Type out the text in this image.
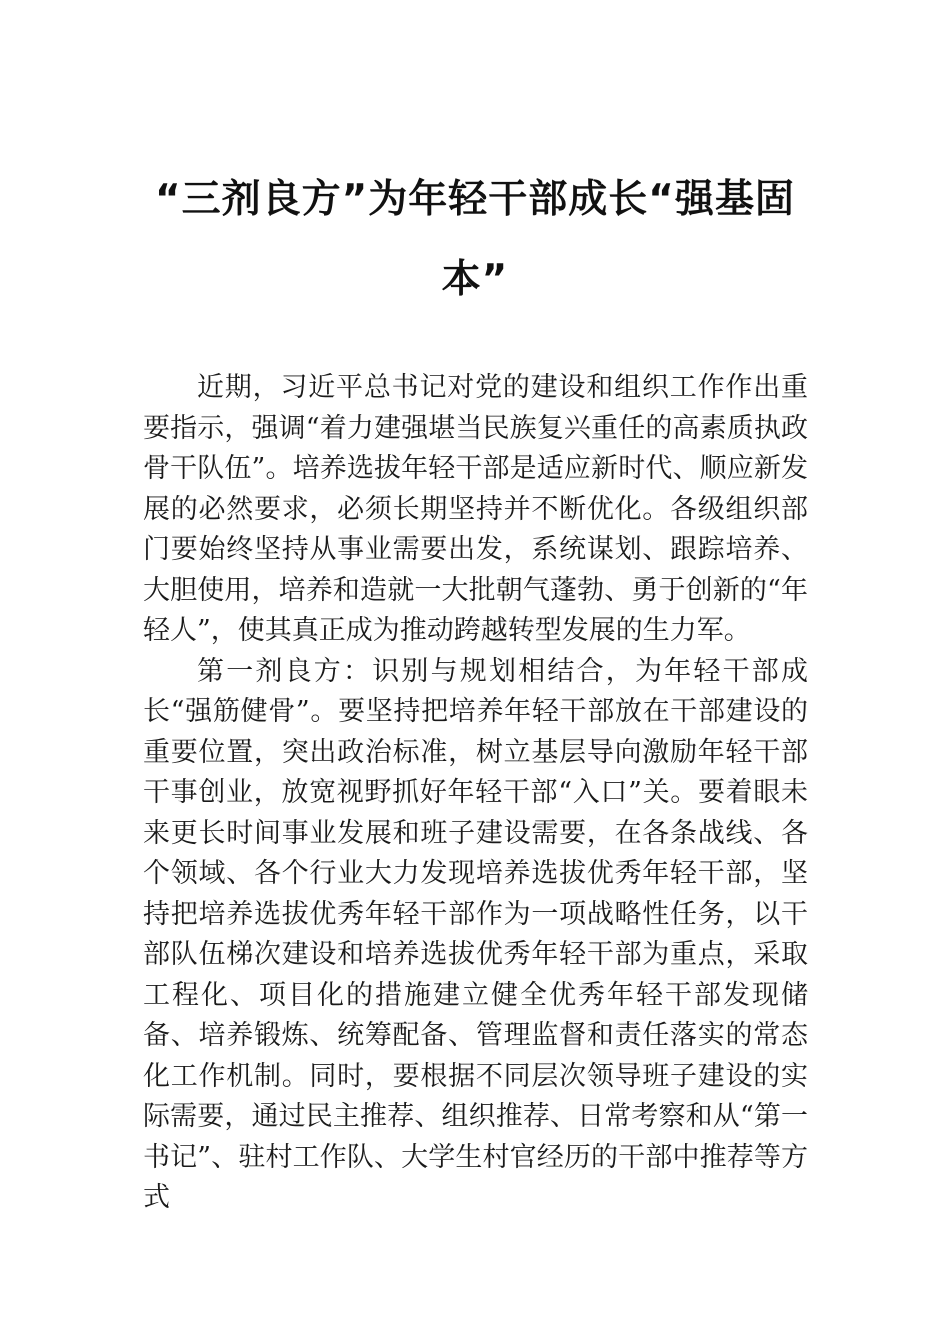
“三剂良方”为年轻干部成长“强基固本”

近期，习近平总书记对党的建设和组织工作作出重要指示，强调“着力建强堪当民族复兴重任的高素质执政骨干队伍”。培养选拔年轻干部是适应新时代、顺应新发展的必然要求，必须长期坚持并不断优化。各级组织部门要始终坚持从事业需要出发，系统谋划、跟踪培养、大胆使用，培养和造就一大批朝气蓬勃、勇于创新的“年轻人”，使其真正成为推动跨越转型发展的生力军。

第一剂良方：识别与规划相结合，为年轻干部成长“强筋健骨”。要坚持把培养年轻干部放在干部建设的重要位置，突出政治标准，树立基层导向激励年轻干部干事创业，放宽视野抓好年轻干部“入口”关。要着眼未来更长时间事业发展和班子建设需要，在各条战线、各个领域、各个行业大力发现培养选拔优秀年轻干部，坚持把培养选拔优秀年轻干部作为一项战略性任务，以干部队伍梯次建设和培养选拔优秀年轻干部为重点，采取工程化、项目化的措施建立健全优秀年轻干部发现储备、培养锻炼、统筹配备、管理监督和责任落实的常态化工作机制。同时，要根据不同层次领导班子建设的实际需要，通过民主推荐、组织推荐、日常考察和从“第一书记”、驻村工作队、大学生村官经历的干部中推荐等方式
